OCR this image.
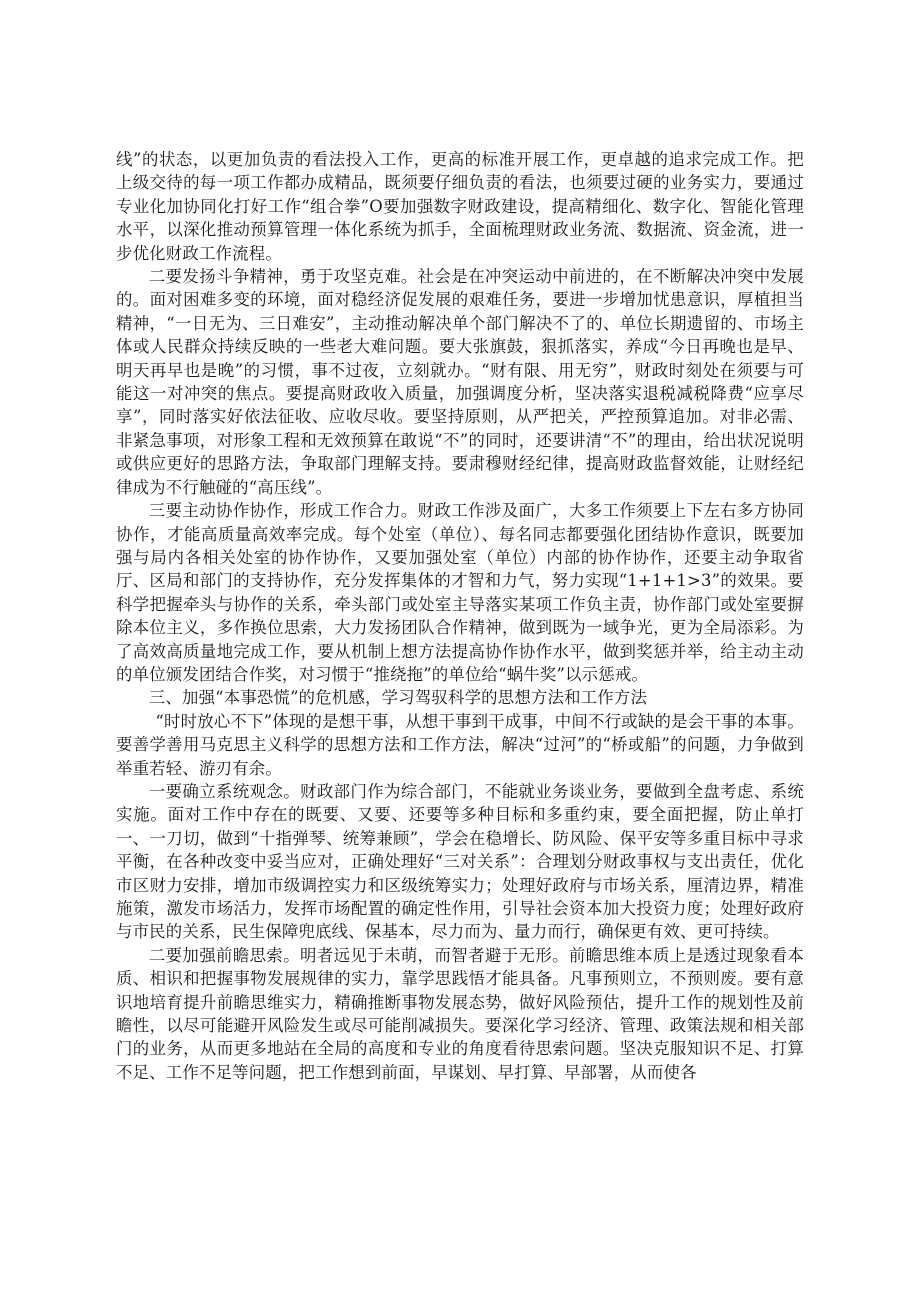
线”的状态，以更加负责的看法投入工作，更高的标准开展工作，更卓越的追求完成工作。把上级交待的每一项工作都办成精品，既须要仔细负责的看法，也须要过硬的业务实力，要通过专业化加协同化打好工作“组合拳”O要加强数字财政建设，提高精细化、数字化、智能化管理水平，以深化推动预算管理一体化系统为抓手，全面梳理财政业务流、数据流、资金流，进一步优化财政工作流程。

二要发扬斗争精神，勇于攻坚克难。社会是在冲突运动中前进的，在不断解决冲突中发展的。面对困难多变的环境，面对稳经济促发展的艰难任务，要进一步增加忧患意识，厚植担当精神，“一日无为、三日难安”，主动推动解决单个部门解决不了的、单位长期遗留的、市场主体或人民群众持续反映的一些老大难问题。要大张旗鼓，狠抓落实，养成“今日再晚也是早、明天再早也是晚”的习惯，事不过夜，立刻就办。“财有限、用无穷”，财政时刻处在须要与可能这一对冲突的焦点。要提高财政收入质量，加强调度分析，坚决落实退税减税降费“应享尽享”，同时落实好依法征收、应收尽收。要坚持原则，从严把关，严控预算追加。对非必需、非紧急事项，对形象工程和无效预算在敢说“不”的同时，还要讲清“不”的理由，给出状况说明或供应更好的思路方法，争取部门理解支持。要肃穆财经纪律，提高财政监督效能，让财经纪律成为不行触碰的“高压线”。

三要主动协作协作，形成工作合力。财政工作涉及面广，大多工作须要上下左右多方协同协作，才能高质量高效率完成。每个处室（单位）、每名同志都要强化团结协作意识，既要加强与局内各相关处室的协作协作，又要加强处室（单位）内部的协作协作，还要主动争取省厅、区局和部门的支持协作，充分发挥集体的才智和力气，努力实现“1+1+1>3”的效果。要科学把握牵头与协作的关系，牵头部门或处室主导落实某项工作负主责，协作部门或处室要摒除本位主义，多作换位思索，大力发扬团队合作精神，做到既为一域争光，更为全局添彩。为了高效高质量地完成工作，要从机制上想方法提高协作协作水平，做到奖惩并举，给主动主动的单位颁发团结合作奖，对习惯于“推绕拖”的单位给“蜗牛奖”以示惩戒。

三、加强“本事恐慌”的危机感，学习驾驭科学的思想方法和工作方法

“时时放心不下”体现的是想干事，从想干事到干成事，中间不行或缺的是会干事的本事。要善学善用马克思主义科学的思想方法和工作方法，解决“过河”的“桥或船”的问题，力争做到举重若轻、游刃有余。

一要确立系统观念。财政部门作为综合部门，不能就业务谈业务，要做到全盘考虑、系统实施。面对工作中存在的既要、又要、还要等多种目标和多重约束，要全面把握，防止单打一、一刀切，做到“十指弹琴、统筹兼顾”，学会在稳增长、防风险、保平安等多重目标中寻求平衡，在各种改变中妥当应对，正确处理好“三对关系”：合理划分财政事权与支出责任，优化市区财力安排，增加市级调控实力和区级统筹实力；处理好政府与市场关系，厘清边界，精准施策，激发市场活力，发挥市场配置的确定性作用，引导社会资本加大投资力度；处理好政府与市民的关系，民生保障兜底线、保基本，尽力而为、量力而行，确保更有效、更可持续。

二要加强前瞻思索。明者远见于未萌，而智者避于无形。前瞻思维本质上是透过现象看本质、相识和把握事物发展规律的实力，靠学思践悟才能具备。凡事预则立，不预则废。要有意识地培育提升前瞻思维实力，精确推断事物发展态势，做好风险预估，提升工作的规划性及前瞻性，以尽可能避开风险发生或尽可能削减损失。要深化学习经济、管理、政策法规和相关部门的业务，从而更多地站在全局的高度和专业的角度看待思索问题。坚决克服知识不足、打算不足、工作不足等问题，把工作想到前面，早谋划、早打算、早部署，从而使各
